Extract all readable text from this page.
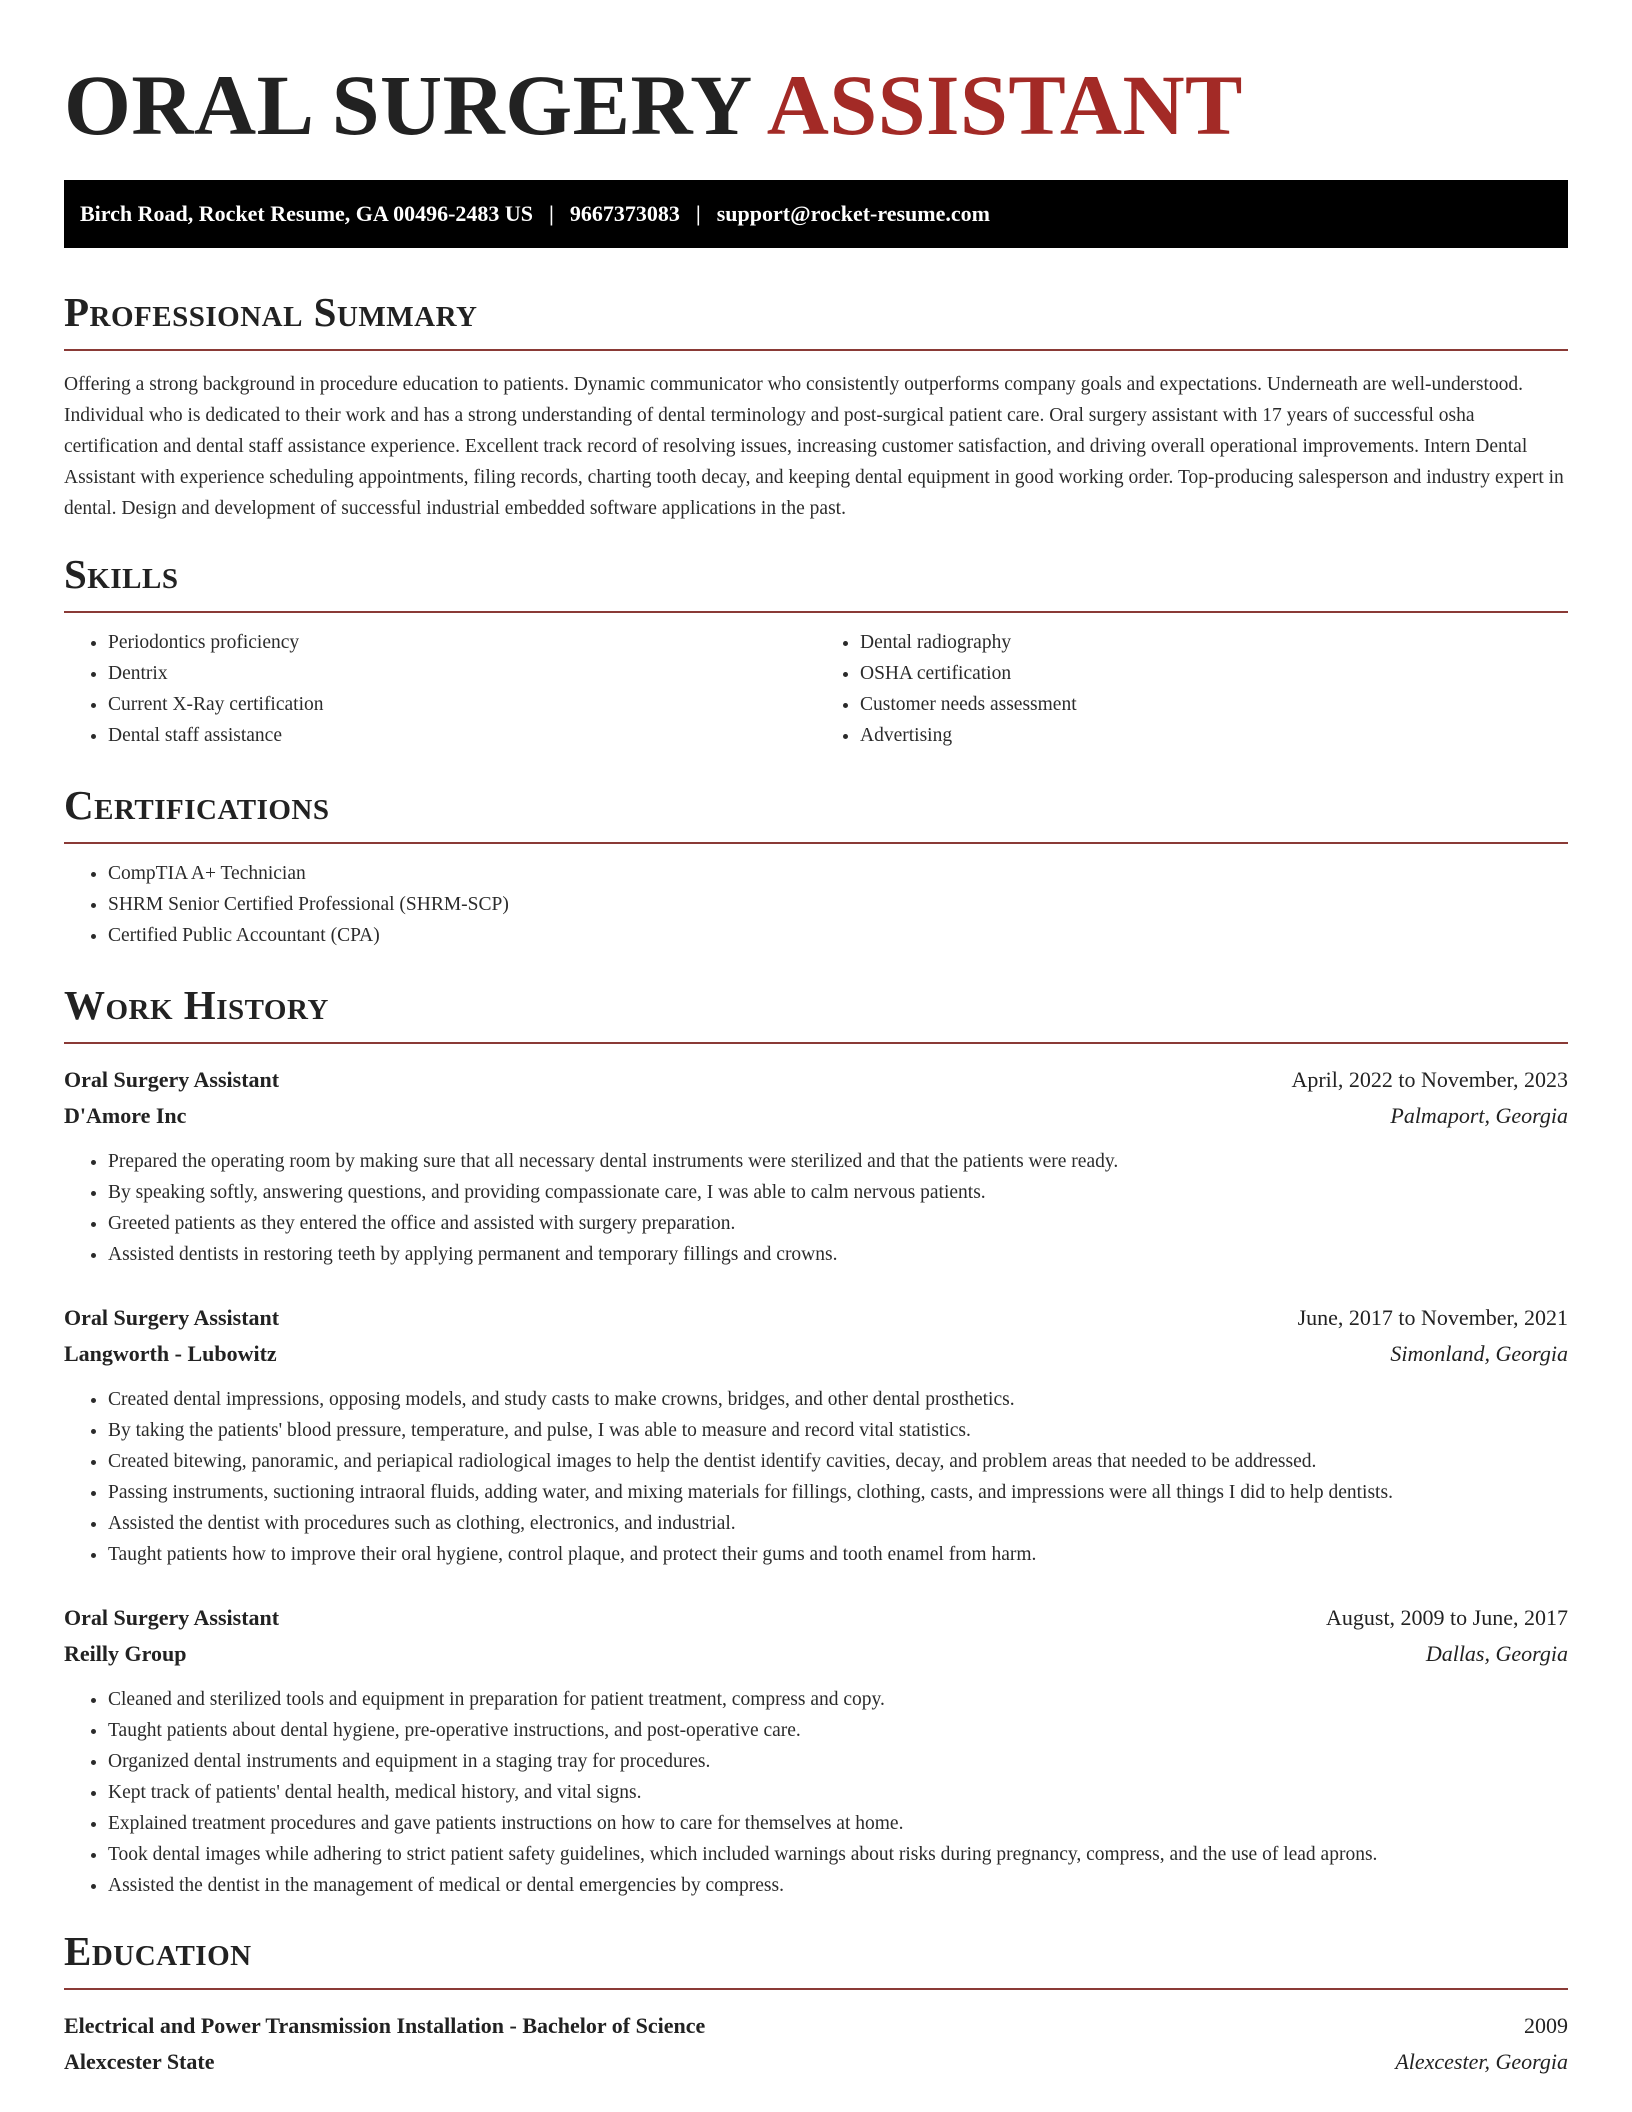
ORAL SURGERY ASSISTANT
Birch Road, Rocket Resume, GA 00496-2483 US | 9667373083 | support@rocket-resume.com
Professional Summary

Offering a strong background in procedure education to patients. Dynamic communicator who consistently outperforms company goals and expectations. Underneath are well-understood. Individual who is dedicated to their work and has a strong understanding of dental terminology and post-surgical patient care. Oral surgery assistant with 17 years of successful osha certification and dental staff assistance experience. Excellent track record of resolving issues, increasing customer satisfaction, and driving overall operational improvements. Intern Dental Assistant with experience scheduling appointments, filing records, charting tooth decay, and keeping dental equipment in good working order. Top-producing salesperson and industry expert in dental. Design and development of successful industrial embedded software applications in the past.

Skills
• Periodontics proficiency
• Dentrix
• Current X-Ray certification
• Dental staff assistance
• Dental radiography
• OSHA certification
• Customer needs assessment
• Advertising
Certifications
• CompTIA A+ Technician
• SHRM Senior Certified Professional (SHRM-SCP)
• Certified Public Accountant (CPA)
Work History
Oral Surgery Assistant	April, 2022 to November, 2023
D'Amore Inc	Palmaport, Georgia
• Prepared the operating room by making sure that all necessary dental instruments were sterilized and that the patients were ready.
• By speaking softly, answering questions, and providing compassionate care, I was able to calm nervous patients.
• Greeted patients as they entered the office and assisted with surgery preparation.
• Assisted dentists in restoring teeth by applying permanent and temporary fillings and crowns.
Oral Surgery Assistant	June, 2017 to November, 2021
Langworth - Lubowitz	Simonland, Georgia
• Created dental impressions, opposing models, and study casts to make crowns, bridges, and other dental prosthetics.
• By taking the patients' blood pressure, temperature, and pulse, I was able to measure and record vital statistics.
• Created bitewing, panoramic, and periapical radiological images to help the dentist identify cavities, decay, and problem areas that needed to be addressed.
• Passing instruments, suctioning intraoral fluids, adding water, and mixing materials for fillings, clothing, casts, and impressions were all things I did to help dentists.
• Assisted the dentist with procedures such as clothing, electronics, and industrial.
• Taught patients how to improve their oral hygiene, control plaque, and protect their gums and tooth enamel from harm.
Oral Surgery Assistant	August, 2009 to June, 2017
Reilly Group	Dallas, Georgia
• Cleaned and sterilized tools and equipment in preparation for patient treatment, compress and copy.
• Taught patients about dental hygiene, pre-operative instructions, and post-operative care.
• Organized dental instruments and equipment in a staging tray for procedures.
• Kept track of patients' dental health, medical history, and vital signs.
• Explained treatment procedures and gave patients instructions on how to care for themselves at home.
• Took dental images while adhering to strict patient safety guidelines, which included warnings about risks during pregnancy, compress, and the use of lead aprons.
• Assisted the dentist in the management of medical or dental emergencies by compress.
Education
Electrical and Power Transmission Installation - Bachelor of Science	2009
Alexcester State	Alexcester, Georgia
